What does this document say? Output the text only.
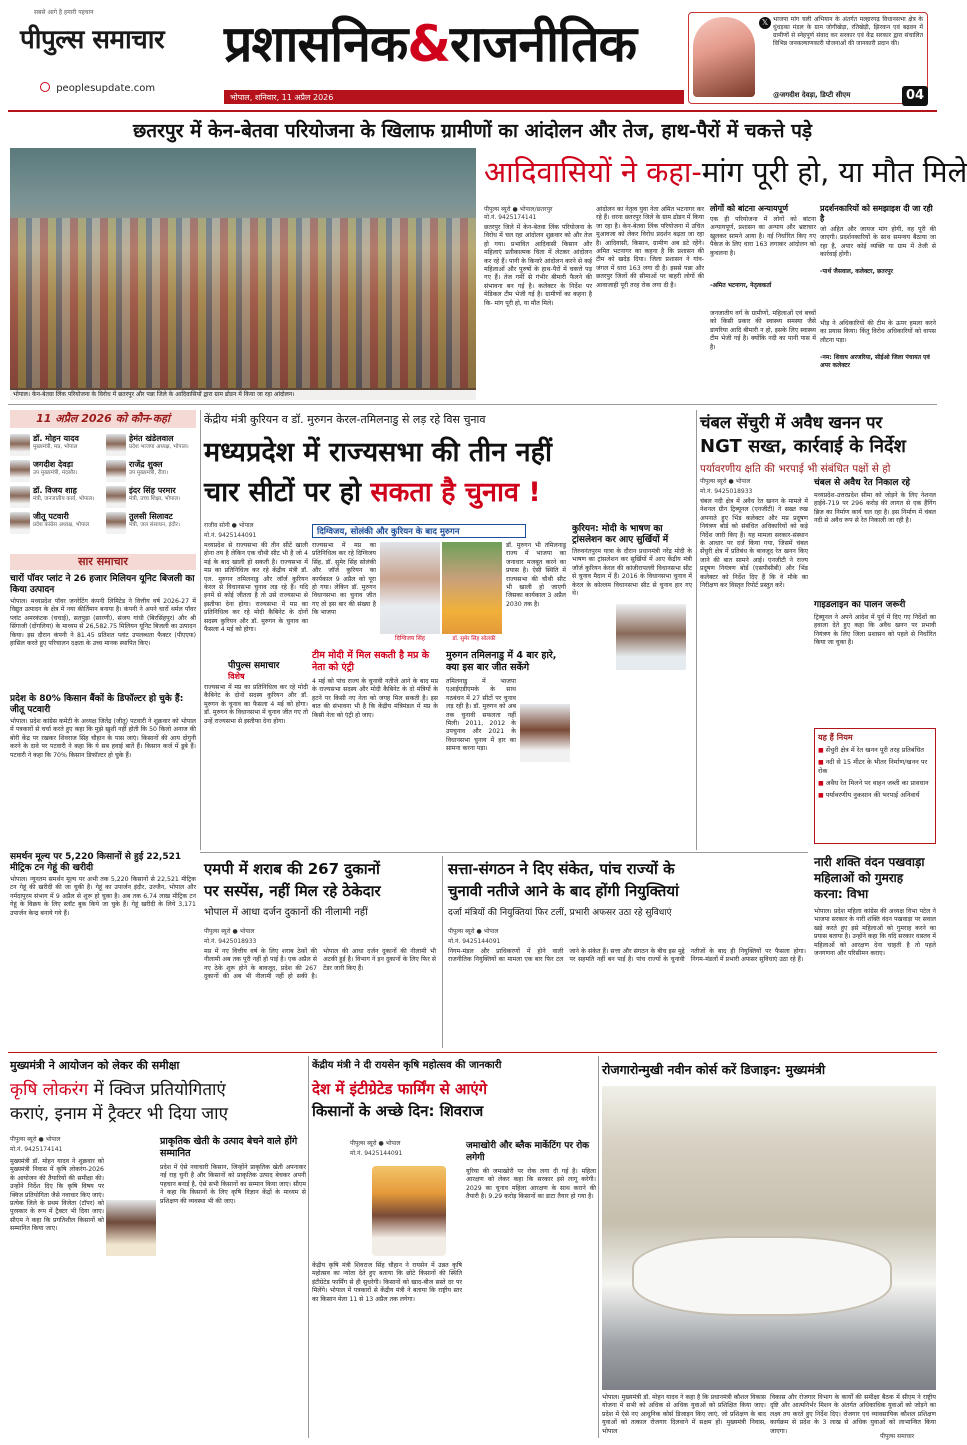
सबसे आगे है हमारी पहचान
पीपुल्स समाचार
peoplesupdate.com
प्रशासनिक&राजनीतिक
भोपाल, शनिवार, 11 अप्रैल 2026
𝕏 भाजपा मांग चली अभियान के अंतर्गत मल्हारगढ़ विधानसभा क्षेत्र के धुंधड़का मंडल के ग्राम जोगीखेड़ा, रतिखेड़ी, झिरकन एवं बढ़वन में ग्रामीणों से स्नेहपूर्ण संवाद कर सरकार एवं केंद्र सरकार द्वारा संचालित विभिन्न जनकल्याणकारी योजनाओं की जानकारी प्रदान की।
@जगदीश देवड़ा, डिप्टी सीएम	04
छतरपुर में केन-बेतवा परियोजना के खिलाफ ग्रामीणों का आंदोलन और तेज, हाथ-पैरों में चकत्ते पड़े
भोपाल। केन-बेतवा लिंक परियोजना के विरोध में छतरपुर और पन्ना जिले के आदिवासियों द्वारा ग्राम ढोडन में किया जा रहा आंदोलन।
आदिवासियों ने कहा-मांग पूरी हो, या मौत मिले
पीपुल्स ब्यूरो ● भोपाल/छतरपुर
मो.नं. 9425174141
छतरपुर जिले में केन-बेतवा लिंक परियोजना के विरोध में चल रहा आंदोलन शुक्रवार को और तेज हो गया। प्रभावित आदिवासी किसान और महिलाएं प्रतीकात्मक चिता में लेटकर आंदोलन कर रहे हैं। पानी के किनारे आंदोलन करने से कई महिलाओं और पुरुषों के हाथ-पैरों में चकत्ते पड़ गए हैं। तेज गर्मी से गंभीर बीमारी फैलने की संभावना बन गई है। कलेक्टर के निर्देश पर मेडिकल टीम भेजी गई है। ग्रामीणों का कहना है कि- मांग पूरी हो, या मौत मिले।
आंदोलन का नेतृत्व युवा नेता अमित भटनागर कर रहे हैं। धरना छतरपुर जिले के ग्राम ढोडन में किया जा रहा है। केन-बेतवा लिंक परियोजना में उचित मुआवजा को लेकर विरोध प्रदर्शन बढ़ता जा रहा है। आदिवासी, किसान, ग्रामीण अब डटे रहेंगे। अमित भटनागर का कहना है कि प्रशासन की टीम को खदेड़ दिया। जिला प्रशासन ने गांव-जंगल में धारा 163 लगा दी है। इससे पन्ना और छतरपुर जिलों की सीमाओं पर बाहरी लोगों की आवाजाही पूरी तरह रोक लगा दी है।
लोगों को बांटना अन्यायपूर्ण
एक ही परियोजना में लोगों को बांटना अन्यायपूर्ण, प्रशासन का अन्याय और भ्रष्टाचार खुलकर सामने आया है। नई निर्धारित किए गए पैकेज के लिए धारा 163 लगाकर आंदोलन को कुचलना है।
-अमित भटनागर, नेतृत्वकर्ता
जनजातीय वर्ग के ग्रामीणों, महिलाओं एवं बच्चों को किसी प्रकार की स्वास्थ्य समस्या जैसे डायरिया आदि बीमारी न हो, इसके लिए स्वास्थ्य टीम भेजी गई है। क्योंकि नदी का पानी पास में है।
प्रदर्शनकारियों को समझाइश दी जा रही है
जो अहित और जायज मांग होगी, वह पूरी की जाएगी। प्रदर्शनकारियों के साथ समन्वय बैठाया जा रहा है, अपार कोई व्यक्ति या ग्राम में तेजी से कार्रवाई होगी।
-पार्थ जैसवाल, कलेक्टर, छतरपुर
भीड़ ने अधिकारियों की टीम के ऊपर हमला करने का प्रयास किया। किंतु विरोध अधिकारियों को वापस लौटना पड़ा।
-नम: शिवाय अरजरिया, सीईओ जिला पंचायत एवं अपर कलेक्टर
11 अप्रैल 2026 को कौन-कहां
डॉ. मोहन यादव
मुख्यमंत्री, मप्र, भोपाल
हेमंत खंडेलवाल
प्रदेश भाजपा अध्यक्ष, भोपाल।
जगदीश देवड़ा
उप मुख्यमंत्री, मंदसौर।
राजेंद्र शुक्ल
उप मुख्यमंत्री, रीवा।
डॉ. विजय शाह
मंत्री, जनजातीय कार्य, भोपाल।
इंदर सिंह परमार
मंत्री, उच्च शिक्षा, भोपाल।
जीतू पटवारी
प्रदेश कांग्रेस अध्यक्ष, भोपाल
तुलसी सिलावट
मंत्री, जल संसाधन, इंदौर।
सार समाचार
चारों पॉवर प्लांट ने 26 हजार मिलियन यूनिट बिजली का किया उत्पादन
भोपाल। मध्यप्रदेश पॉवर जनरेटिंग कंपनी लिमिटेड ने वित्तीय वर्ष 2026-27 में विद्युत उत्पादन के क्षेत्र में नया कीर्तिमान बनाया है। कंपनी ने अपने चारों थर्मल पॉवर प्लांट अमरकंटक (चचाई), सतपुड़ा (सारणी), संजय गांधी (बिरसिंहपुर) और श्री सिंगाजी (दोंगलिया) के माध्यम से 26,582.75 मिलियन यूनिट बिजली का उत्पादन किया। इस दौरान कंपनी ने 81.45 प्रतिशत प्लांट उपलब्धता फैक्टर (पीएएफ) हासिल करते हुए परिचालन दक्षता के उच्च मानक स्थापित किए।
प्रदेश के 80% किसान बैंकों के डिफॉल्टर हो चुके हैं: जीतू पटवारी
भोपाल। प्रदेश कांग्रेस कमेटी के अध्यक्ष जितेंद्र (जीतू) पटवारी ने शुक्रवार को भोपाल में पत्रकारों से चर्चा करते हुए कहा कि मुझे खुशी नहीं होती कि 50 किलो अनाज की बोरी केंद्र पर रखकर शिवराज सिंह चौहान के पास जाएं। किसानों की आय दोगुनी करने के दावे पर पटवारी ने कहा कि ये सब हवाई बातें हैं। किसान कर्ज में डूबे हैं। पटवारी ने कहा कि 70% किसान डिफॉल्टर हो चुके हैं।
समर्थन मूल्य पर 5,220 किसानों से हुई 22,521 मीट्रिक टन गेहूं की खरीदी
भोपाल। न्यूनतम समर्थन मूल्य पर अभी तक 5,220 किसानों से 22,521 मीट्रिक टन गेहूं की खरीदी की जा चुकी है। गेहूं का उपार्जन इंदौर, उज्जैन, भोपाल और नर्मदापुरम संभाग में 9 अप्रैल से शुरू हो चुका है। अब तक 6.74 लाख मीट्रिक टन गेहूं के विक्रय के लिए स्लॉट बुक किये जा चुके हैं। गेहूं खरीदी के लिये 3,171 उपार्जन केन्द्र बनाये गये हैं।
केंद्रीय मंत्री कुरियन व डॉ. मुरुगन केरल-तमिलनाडु से लड़ रहे विस चुनाव
मध्यप्रदेश में राज्यसभा की तीन नहीं
चार सीटों पर हो सकता है चुनाव !
राजीव सोनी ● भोपाल
मो.नं. 9425144091
मध्यप्रदेश से राज्यसभा की तीन सीटें खाली होना तय है लेकिन एक चौथी सीट भी है जो 4 मई के बाद खाली हो सकती है। राज्यसभा में मप्र का प्रतिनिधित्व कर रहे केंद्रीय मंत्री डॉ. एल. मुरुगन तमिलनाडु और जॉर्ज कुरियन केरल से विधानसभा चुनाव लड़ रहे हैं। यदि इनमें से कोई जीतता है तो उसे राज्यसभा से इस्तीफा देना होगा। राज्यसभा में मप्र का प्रतिनिधित्व कर रहे मोदी कैबिनेट के दोनों सदस्य कुरियन और डॉ. मुरुगन के चुनाव का फैसला 4 मई को होगा।
पीपुल्स समाचार
विशेष
राज्यसभा में मप्र का प्रतिनिधित्व कर रहे मोदी कैबिनेट के दोनों सदस्य कुरियन और डॉ. मुरुगन के चुनाव का फैसला 4 मई को होगा। डॉ. मुरुगन के विधानसभा में चुनाव जीत गए तो उन्हें राज्यसभा से इस्तीफा देना होगा।
दिग्विजय, सोलंकी और कुरियन के बाद मुरुगन
राज्यसभा में मप्र का प्रतिनिधित्व कर रहे दिग्विजय सिंह, डॉ. सुमेर सिंह सोलंकी और जॉर्ज कुरियन का कार्यकाल 9 अप्रैल को पूरा हो गया। लेकिन डॉ. मुरुगन विधानसभा का चुनाव जीत गए तो इस बार की संख्या है कि भाजपा
दिग्विजय सिंह	डॉ. सुमेर सिंह सोलंकी
डॉ. मुरुगन भी तमिलनाडु राज्य में भाजपा का जनाधार मजबूत करने का प्रयास है। ऐसी स्थिति में राज्यसभा की चौथी सीट भी खाली हो जाएगी जिसका कार्यकाल 3 अप्रैल 2030 तक है।
टीम मोदी में मिल सकती है मप्र के नेता को एंट्री
4 मई को पांच राज्य के चुनावी नतीजे आने के बाद मप्र के राज्यसभा सदस्य और मोदी कैबिनेट के दो मंत्रियों के हटने पर किसी नए नेता को जगह मिल सकती है। इस बात की संभावना भी है कि केंद्रीय मंत्रिमंडल में मप्र के किसी नेता को एंट्री हो जाए।
मुरुगन तमिलनाडु में 4 बार हारे, क्या इस बार जीत सकेंगे
तमिलनाडु में भाजपा एआईएडीएमके के साथ गठबंधन में 27 सीटों पर चुनाव लड़ रही है। डॉ. मुरुगन को अब तक चुनावी सफलता नहीं मिली। 2011, 2012 के उपचुनाव और 2021 के विधानसभा चुनाव में हार का सामना करना पड़ा।
कुरियन: मोदी के भाषण का ट्रांसलेशन कर आए सुर्खियों में
तिरुवनंतपुरम यात्रा के दौरान प्रधानमंत्री नरेंद्र मोदी के भाषण का ट्रांसलेशन कर सुर्खियों में आए केंद्रीय मंत्री जॉर्ज कुरियन केरल की कांजीरापल्ली विधानसभा सीट से चुनाव मैदान में हैं। 2016 के विधानसभा चुनाव में केरल के कोल्लम विधानसभा सीट से चुनाव हार गए थे।
चंबल सेंचुरी में अवैध खनन पर
NGT सख्त, कार्रवाई के निर्देश
पर्यावरणीय क्षति की भरपाई भी संबंधित पक्षों से हो
पीपुल्स ब्यूरो ● भोपाल
मो.नं. 9425018933
चंबल नदी क्षेत्र में अवैध रेत खनन के मामले में नेशनल ग्रीन ट्रिब्यूनल (एनजीटी) ने सख्त रुख अपनाते हुए भिंड कलेक्टर और मप्र प्रदूषण नियंत्रण बोर्ड को संबंधित अधिकारियों को कड़े निर्देश जारी किए हैं। यह मामला सरकार-संस्थान के आधार पर दर्ज किया गया, जिसमें चंबल सेंचुरी क्षेत्र में प्रतिबंध के बावजूद रेत खनन किए जाने की बात सामने आई। एनजीटी ने राज्य प्रदूषण नियंत्रण बोर्ड (एसपीसीबी) और भिंड कलेक्टर को निर्देश दिए हैं कि वे मौके का निरीक्षण कर विस्तृत रिपोर्ट प्रस्तुत करें।
चंबल से अवैध रेत निकाल रहे
मध्यप्रदेश-उत्तरप्रदेश सीमा को जोड़ने के लिए नेशनल हाईवे-719 पर 296 करोड़ की लागत से एक हैंगिंग ब्रिज का निर्माण कार्य चल रहा है। इस निर्माण में चंबल नदी से अवैध रूप से रेत निकाली जा रही है।
गाइडलाइन का पालन जरूरी
ट्रिब्यूनल ने अपने आदेश में पूर्व में दिए गए निर्देशों का हवाला देते हुए कहा कि अवैध खनन पर प्रभावी नियंत्रण के लिए जिला प्रशासन को पहले से निर्धारित किया जा चुका है।
यह हैं नियम
■ सेंचुरी क्षेत्र में रेत खनन पूरी तरह प्रतिबंधित
■ नदी से 15 मीटर के भीतर निर्माण/खनन पर रोक
■ अवैध रेत मिलने पर वाहन जब्ती का प्रावधान
■ पर्यावरणीय नुकसान की भरपाई अनिवार्य
नारी शक्ति वंदन पखवाड़ा महिलाओं को गुमराह करना: विभा
भोपाल। प्रदेश महिला कांग्रेस की अध्यक्ष विभा पटेल ने भाजपा सरकार के नारी शक्ति वंदन पखवाड़ा पर सवाल खड़े करते हुए इसे महिलाओं को गुमराह करने का प्रयास बताया है। उन्होंने कहा कि यदि सरकार वास्तव में महिलाओं को आरक्षण देना चाहती है तो पहले जनगणना और परिसीमन कराए।
एमपी में शराब की 267 दुकानों
पर सस्पेंस, नहीं मिल रहे ठेकेदार
भोपाल में आधा दर्जन दुकानों की नीलामी नहीं
पीपुल्स ब्यूरो ● भोपाल
मो.नं. 9425018933
मप्र में नए वित्तीय वर्ष के लिए शराब ठेकों की नीलामी अब तक पूरी नहीं हो पाई है। एक अप्रैल से नए ठेके शुरू होने के बावजूद, प्रदेश की 267 दुकानों की अब भी नीलामी नहीं हो सकी है। भोपाल की आधा दर्जन दुकानों की नीलामी भी अटकी हुई है। विभाग ने इन दुकानों के लिए फिर से टेंडर जारी किए हैं।
सत्ता-संगठन ने दिए संकेत, पांच राज्यों के
चुनावी नतीजे आने के बाद होंगी नियुक्तियां
दर्जा मंत्रियों की नियुक्तियां फिर टलीं, प्रभारी अफसर उठा रहे सुविधाएं
पीपुल्स ब्यूरो ● भोपाल
मो.नं. 9425144091
निगम-मंडल और प्राधिकरणों में होने वाली राजनीतिक नियुक्तियों का मामला एक बार फिर टल जाने के संकेत हैं। सत्ता और संगठन के बीच इस मुद्दे पर सहमति नहीं बन पाई है। पांच राज्यों के चुनावी नतीजों के बाद ही नियुक्तियों पर फैसला होगा। निगम-मंडलों में प्रभारी अफसर सुविधाएं उठा रहे हैं।
मुख्यमंत्री ने आयोजन को लेकर की समीक्षा
कृषि लोकरंग में क्विज प्रतियोगिताएं
कराएं, इनाम में ट्रैक्टर भी दिया जाए
पीपुल्स ब्यूरो ● भोपाल
मो.नं. 9425174141
मुख्यमंत्री डॉ. मोहन यादव ने शुक्रवार को मुख्यमंत्री निवास में कृषि लोकरंग-2026 के आयोजन की तैयारियों की समीक्षा की। उन्होंने निर्देश दिए कि कृषि विषय पर क्विज प्रतियोगिता जैसे नवाचार किए जाएं। प्रत्येक जिले के प्रथम विजेता (टॉपर) को पुरस्कार के रूप में ट्रैक्टर भी दिया जाए। सीएम ने कहा कि प्रगतिशील किसानों को सम्मानित किया जाए।
प्राकृतिक खेती के उत्पाद बेचने वाले होंगे सम्मानित
प्रदेश में ऐसे नवाचारी किसान, जिन्होंने प्राकृतिक खेती अपनाकर नई राह चुनी है और किसानों को प्राकृतिक उत्पाद बेचकर अपनी पहचान बनाई है, ऐसे सभी किसानों का सम्मान किया जाए। सीएम ने कहा कि किसानों के लिए कृषि विज्ञान केंद्रों के माध्यम से प्रशिक्षण की व्यवस्था भी की जाए।
केंद्रीय मंत्री ने दी रायसेन कृषि महोत्सव की जानकारी
देश में इंटीग्रेटेड फार्मिंग से आएंगे
किसानों के अच्छे दिन: शिवराज
पीपुल्स ब्यूरो ● भोपाल
मो.नं. 9425144091
केंद्रीय कृषि मंत्री शिवराज सिंह चौहान ने रायसेन में उन्नत कृषि महोत्सव का न्योता देते हुए बताया कि छोटे किसानों की स्थिति इंटीग्रेटेड फार्मिंग से ही सुधरेगी। किसानों को खाद-बीज सस्ते दर पर मिलेंगे। भोपाल में पत्रकारों से केंद्रीय मंत्री ने बताया कि राष्ट्रीय स्तर का किसान मेला 11 से 13 अप्रैल तक लगेगा।
जमाखोरी और ब्लैक मार्केटिंग पर रोक लगेगी
यूरिया की जमाखोरी पर रोक लगा दी गई है। महिला आरक्षण को लेकर कहा कि सरकार इसे लागू करेगी। 2029 का चुनाव महिला आरक्षण के साथ कराने की तैयारी है। 9.29 करोड़ किसानों का डाटा तैयार हो गया है।
रोजगारोन्मुखी नवीन कोर्स करें डिजाइन: मुख्यमंत्री
भोपाल। मुख्यमंत्री डॉ. मोहन यादव ने कहा है कि प्रधानमंत्री कौशल विकास योजना में सभी को अधिक से अधिक युवाओं को प्रशिक्षित किया जाए। प्रदेश में ऐसे नए आधुनिक कोर्स डिजाइन किए जाएं, जो प्रशिक्षण के बाद युवाओं को तत्काल रोजगार दिलवाने में सक्षम हों। मुख्यमंत्री निवास, भोपाल
विकास और रोजगार विभाग के कार्यों की समीक्षा बैठक में सीएम ने राष्ट्रीय दृष्टि और आत्मनिर्भर मिशन के अंतर्गत अधिकाधिक युवाओं को जोड़ने का लक्ष्य तय करते हुए निर्देश दिए। रोजगार एवं व्यावसायिक कौशल प्रशिक्षण कार्यक्रम से प्रदेश के 3 लाख से अधिक युवाओं को लाभान्वित किया जाएगा।
पीपुल्स समाचार
